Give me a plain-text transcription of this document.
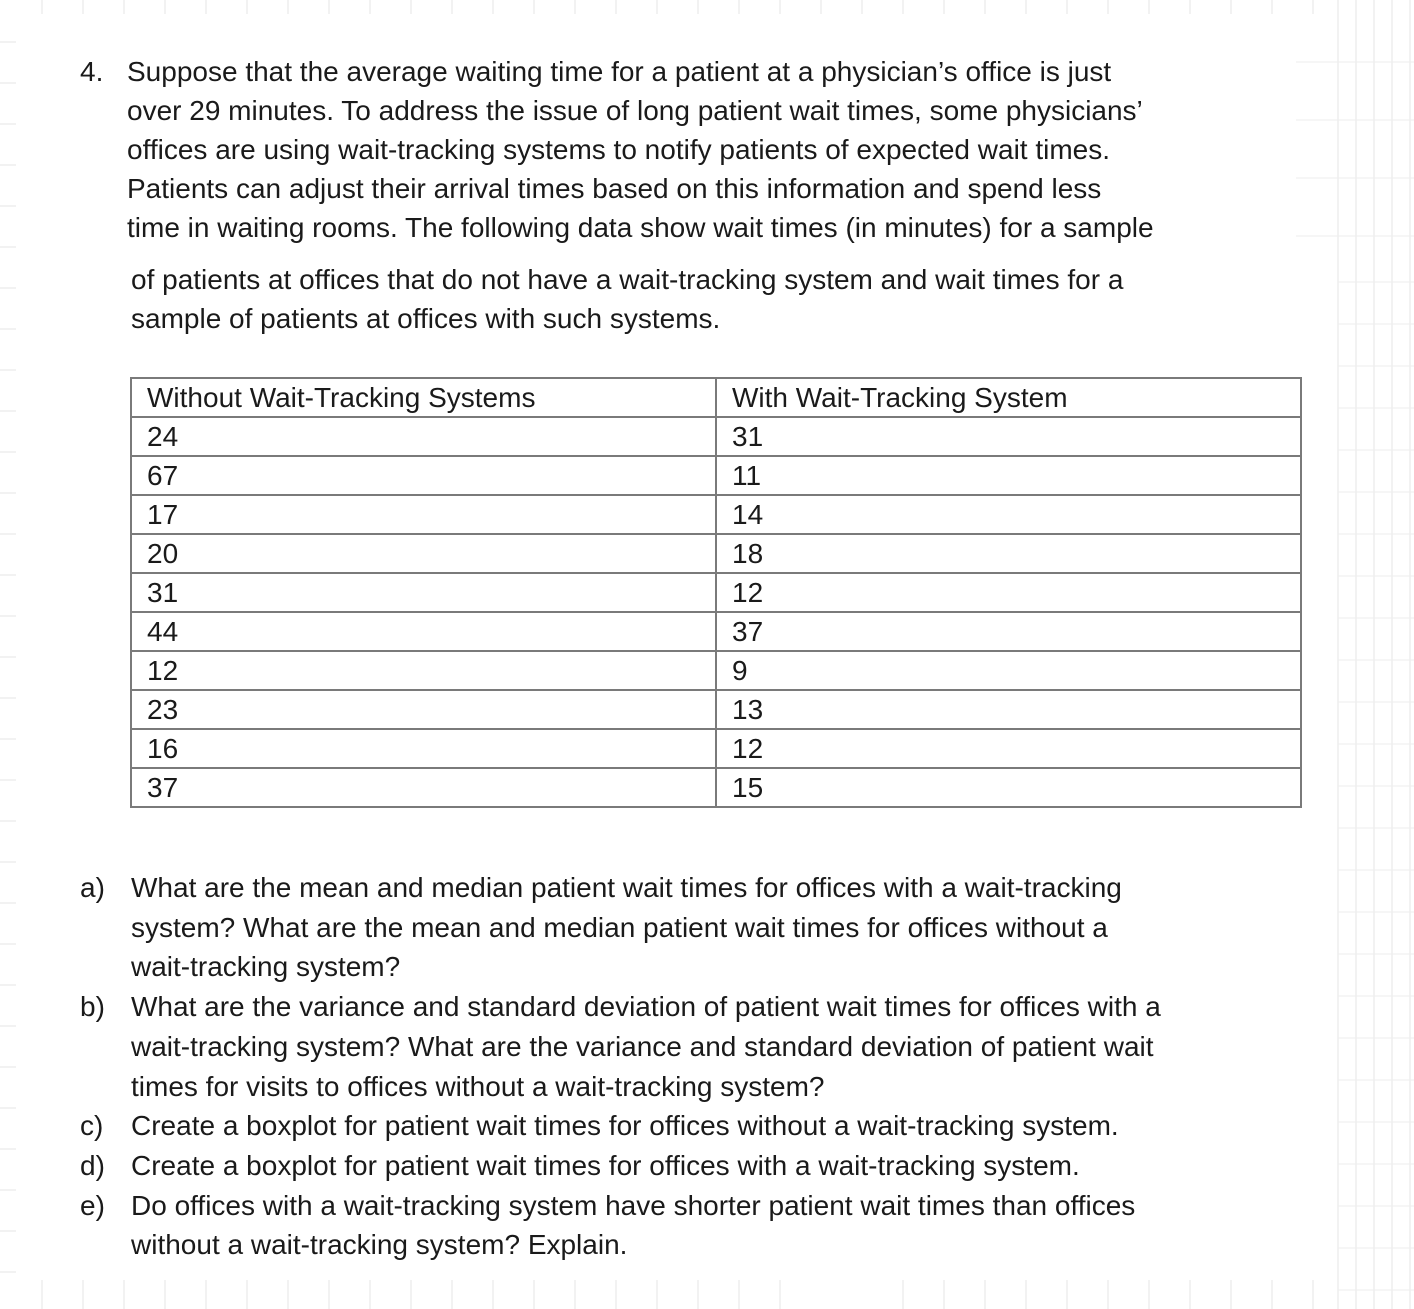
4. Suppose that the average waiting time for a patient at a physician’s office is just
over 29 minutes. To address the issue of long patient wait times, some physicians’
offices are using wait-tracking systems to notify patients of expected wait times.
Patients can adjust their arrival times based on this information and spend less
time in waiting rooms. The following data show wait times (in minutes) for a sample

of patients at offices that do not have a wait-tracking system and wait times for a
sample of patients at offices with such systems.

Without Wait-Tracking Systems	With Wait-Tracking System
24	31
67	11
17	14
20	18
31	12
44	37
12	9
23	13
16	12
37	15
a) What are the mean and median patient wait times for offices with a wait-tracking
system? What are the mean and median patient wait times for offices without a
wait-tracking system?
b) What are the variance and standard deviation of patient wait times for offices with a
wait-tracking system? What are the variance and standard deviation of patient wait
times for visits to offices without a wait-tracking system?
c) Create a boxplot for patient wait times for offices without a wait-tracking system.
d) Create a boxplot for patient wait times for offices with a wait-tracking system.
e) Do offices with a wait-tracking system have shorter patient wait times than offices
without a wait-tracking system? Explain.
